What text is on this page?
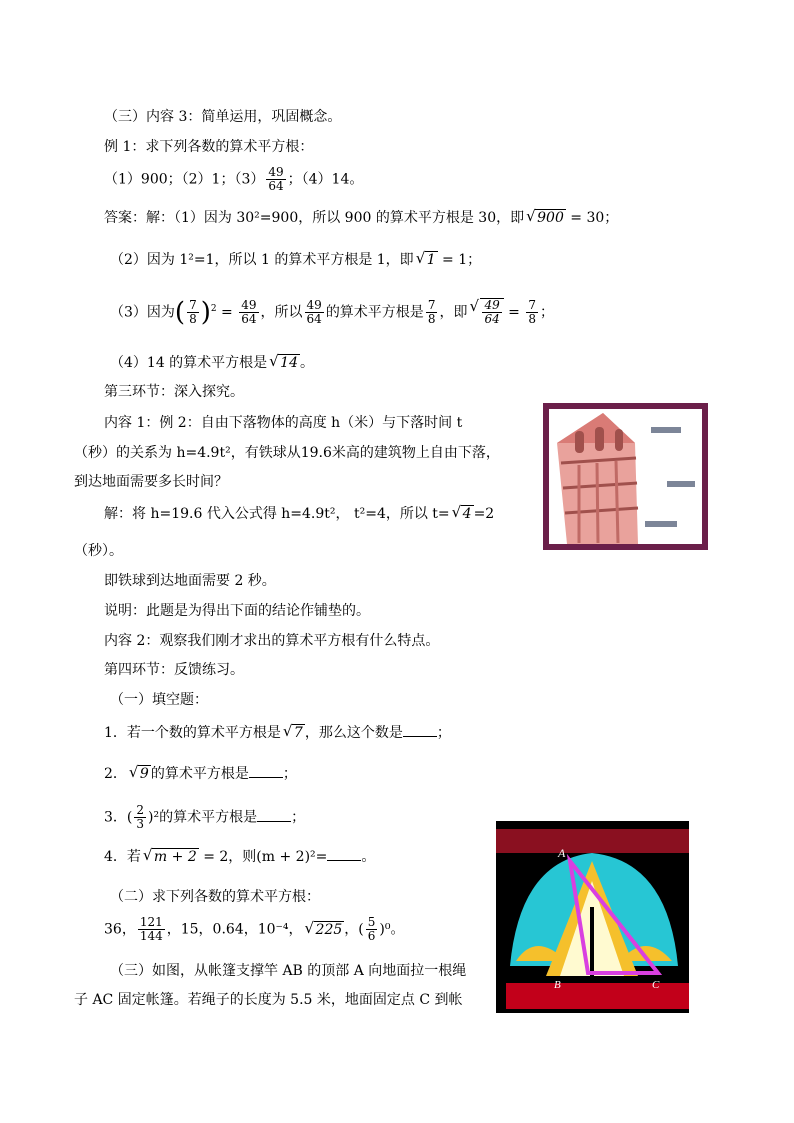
（三）内容 3：简单运用，巩固概念。
例 1：求下列各数的算术平方根：
（1）900；（2）1；$(3) \frac{49}{64}$ ；（4）14。
答案：解：（1）因为 30²=900，所以 900 的算术平方根是 30，即 √ 900 = 30；
（2）因为 1²=1，所以 1 的算术平方根是 1，即 √ 1 = 1；
（3）因为( $\frac{7}{8} )^2 = \frac{49}{64}$ ，所以 $\frac{49}{64}$ 的算术平方根是 $\frac{7}{8}$ ，即 √ $\frac{49}{64} = \frac{7}{8}$ ；
（4）14 的算术平方根是 √ 14 。
第三环节：深入探究。
内容 1：例 2：自由下落物体的高度 h（米）与下落时间 t
（秒）的关系为 h=4.9t²，有铁球从19.6米高的建筑物上自由下落，
到达地面需要多长时间？
解：将 h=19.6 代入公式得 h=4.9t²， t²=4，所以 t= √ 4 =2
（秒）。
即铁球到达地面需要 2 秒。
说明：此题是为得出下面的结论作铺垫的。
内容 2：观察我们刚才求出的算术平方根有什么特点。
第四环节：反馈练习。
（一）填空题：
1．若一个数的算术平方根是 √ 7 ，那么这个数是 ；
2． √ 9 的算术平方根是 ；
3．( $\frac{2}{3} )^2$的算术平方根是 ；
4．若 √ m + 2 = 2，则(m + 2)²= 。
（二）求下列各数的算术平方根：
36， $\frac{121}{144}$ ，15，0.64，10⁻⁴， √ 225 ，( $\frac{5}{6} )^0$。
（三）如图，从帐篷支撑竿 AB 的顶部 A 向地面拉一根绳
子 AC 固定帐篷。若绳子的长度为 5.5 米，地面固定点 C 到帐
A
B	C
